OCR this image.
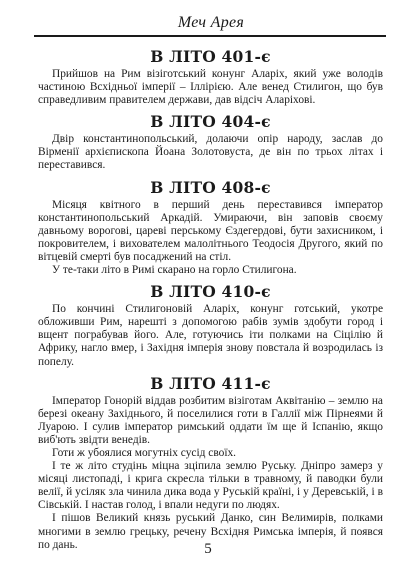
Меч Арея
В ЛІТО 401-є

Прийшов на Рим візіготський конунг Аларіх, який уже володів частиною Всхідньої імперії – Іллірією. Але венед Стилигон, що був справедливим правителем держави, дав відсіч Аларіхові.

В ЛІТО 404-є

Двір константинопольський, долаючи опір народу, заслав до Вірменії архієпископа Йоана Золотовуста, де він по трьох літах і переставився.

В ЛІТО 408-є

Місяця квітного в перший день переставився імператор константинопольський Аркадій. Умираючи, він заповів своєму давньому ворогові, цареві перському Єздегердові, бути захисником, і покровителем, і вихователем малолітнього Теодосія Другого, який по вітцевій смерті був посаджений на стіл.

У те-таки літо в Римі скарано на горло Стилигона.

В ЛІТО 410-є

По кончині Стилигоновій Аларіх, конунг готський, укотре обложивши Рим, нарешті з допомогою рабів зумів здобути город і вщент пограбував його. Але, готуючись іти полками на Сіцілію й Африку, нагло вмер, і Західня імперія знову повстала й возродилась із попелу.

В ЛІТО 411-є

Імператор Гонорій віддав розбитим візіготам Аквітанію – землю на березі океану Західнього, й поселилися готи в Галлії між Пірнеями й Луарою. І сулив імператор римський оддати їм ще й Іспанію, якщо виб'ють звідти венедів.

Готи ж убоялися могутніх сусід своїх.

І те ж літо студінь міцна зціпила землю Руську. Дніпро замерз у місяці листопаді, і крига скресла тільки в травному, й паводки були велії, й усіляк зла чинила дика вода у Руській країні, і у Деревській, і в Сівській. І настав голод, і впали недуги по людях.

І пішов Великий князь руський Данко, син Велимирів, полками многими в землю грецьку, речену Всхідня Римська імперія, й появся по дань.	5
